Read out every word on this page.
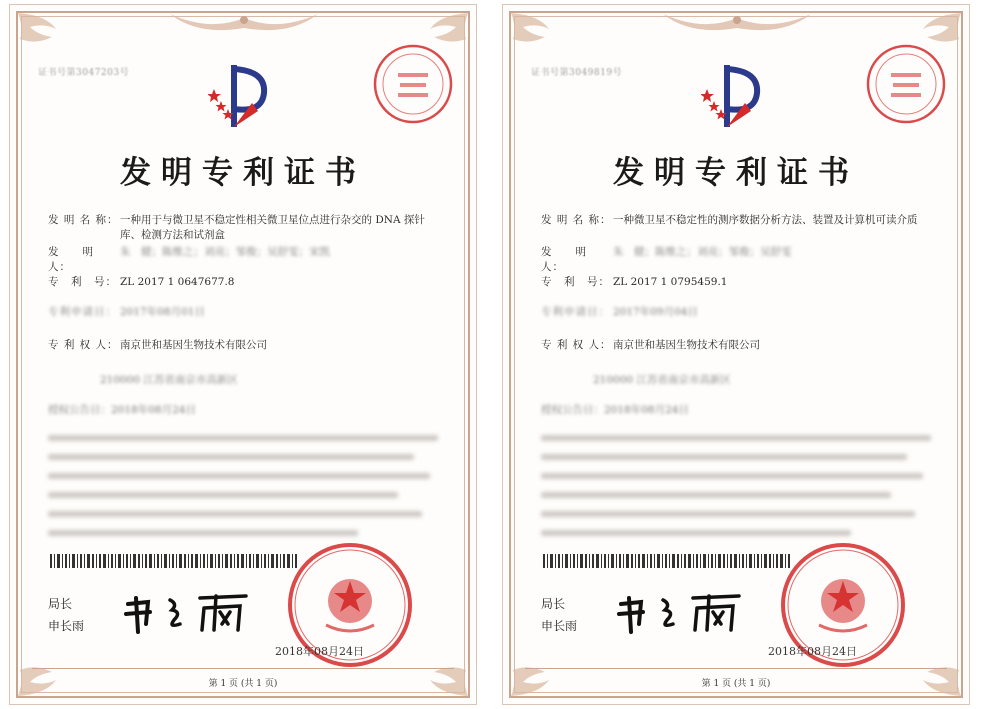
证书号第3047203号
发明专利证书
发 明 名 称：一种用于与微卫星不稳定性相关微卫星位点进行杂交的 DNA 探针库、检测方法和试剂盒
发　　明　人：朱　健；陈维之；刘亮；邹俊；吴舒雯；宋凯
专　利　号： ZL 2017 1 0647677.8
专利申请日： 2017年08月01日
专 利 权 人：南京世和基因生物技术有限公司
210000 江苏省南京市高新区
授权公告日：2018年08月24日
局长
申长雨
2018年08月24日
第 1 页 (共 1 页)
证书号第3049819号
发明专利证书
发 明 名 称：一种微卫星不稳定性的测序数据分析方法、装置及计算机可读介质
发　　明　人：朱　健；陈维之；刘亮；邹俊；吴舒雯
专　利　号： ZL 2017 1 0795459.1
专利申请日： 2017年09月04日
专 利 权 人：南京世和基因生物技术有限公司
210000 江苏省南京市高新区
授权公告日：2018年08月24日
局长
申长雨
2018年08月24日
第 1 页 (共 1 页)
